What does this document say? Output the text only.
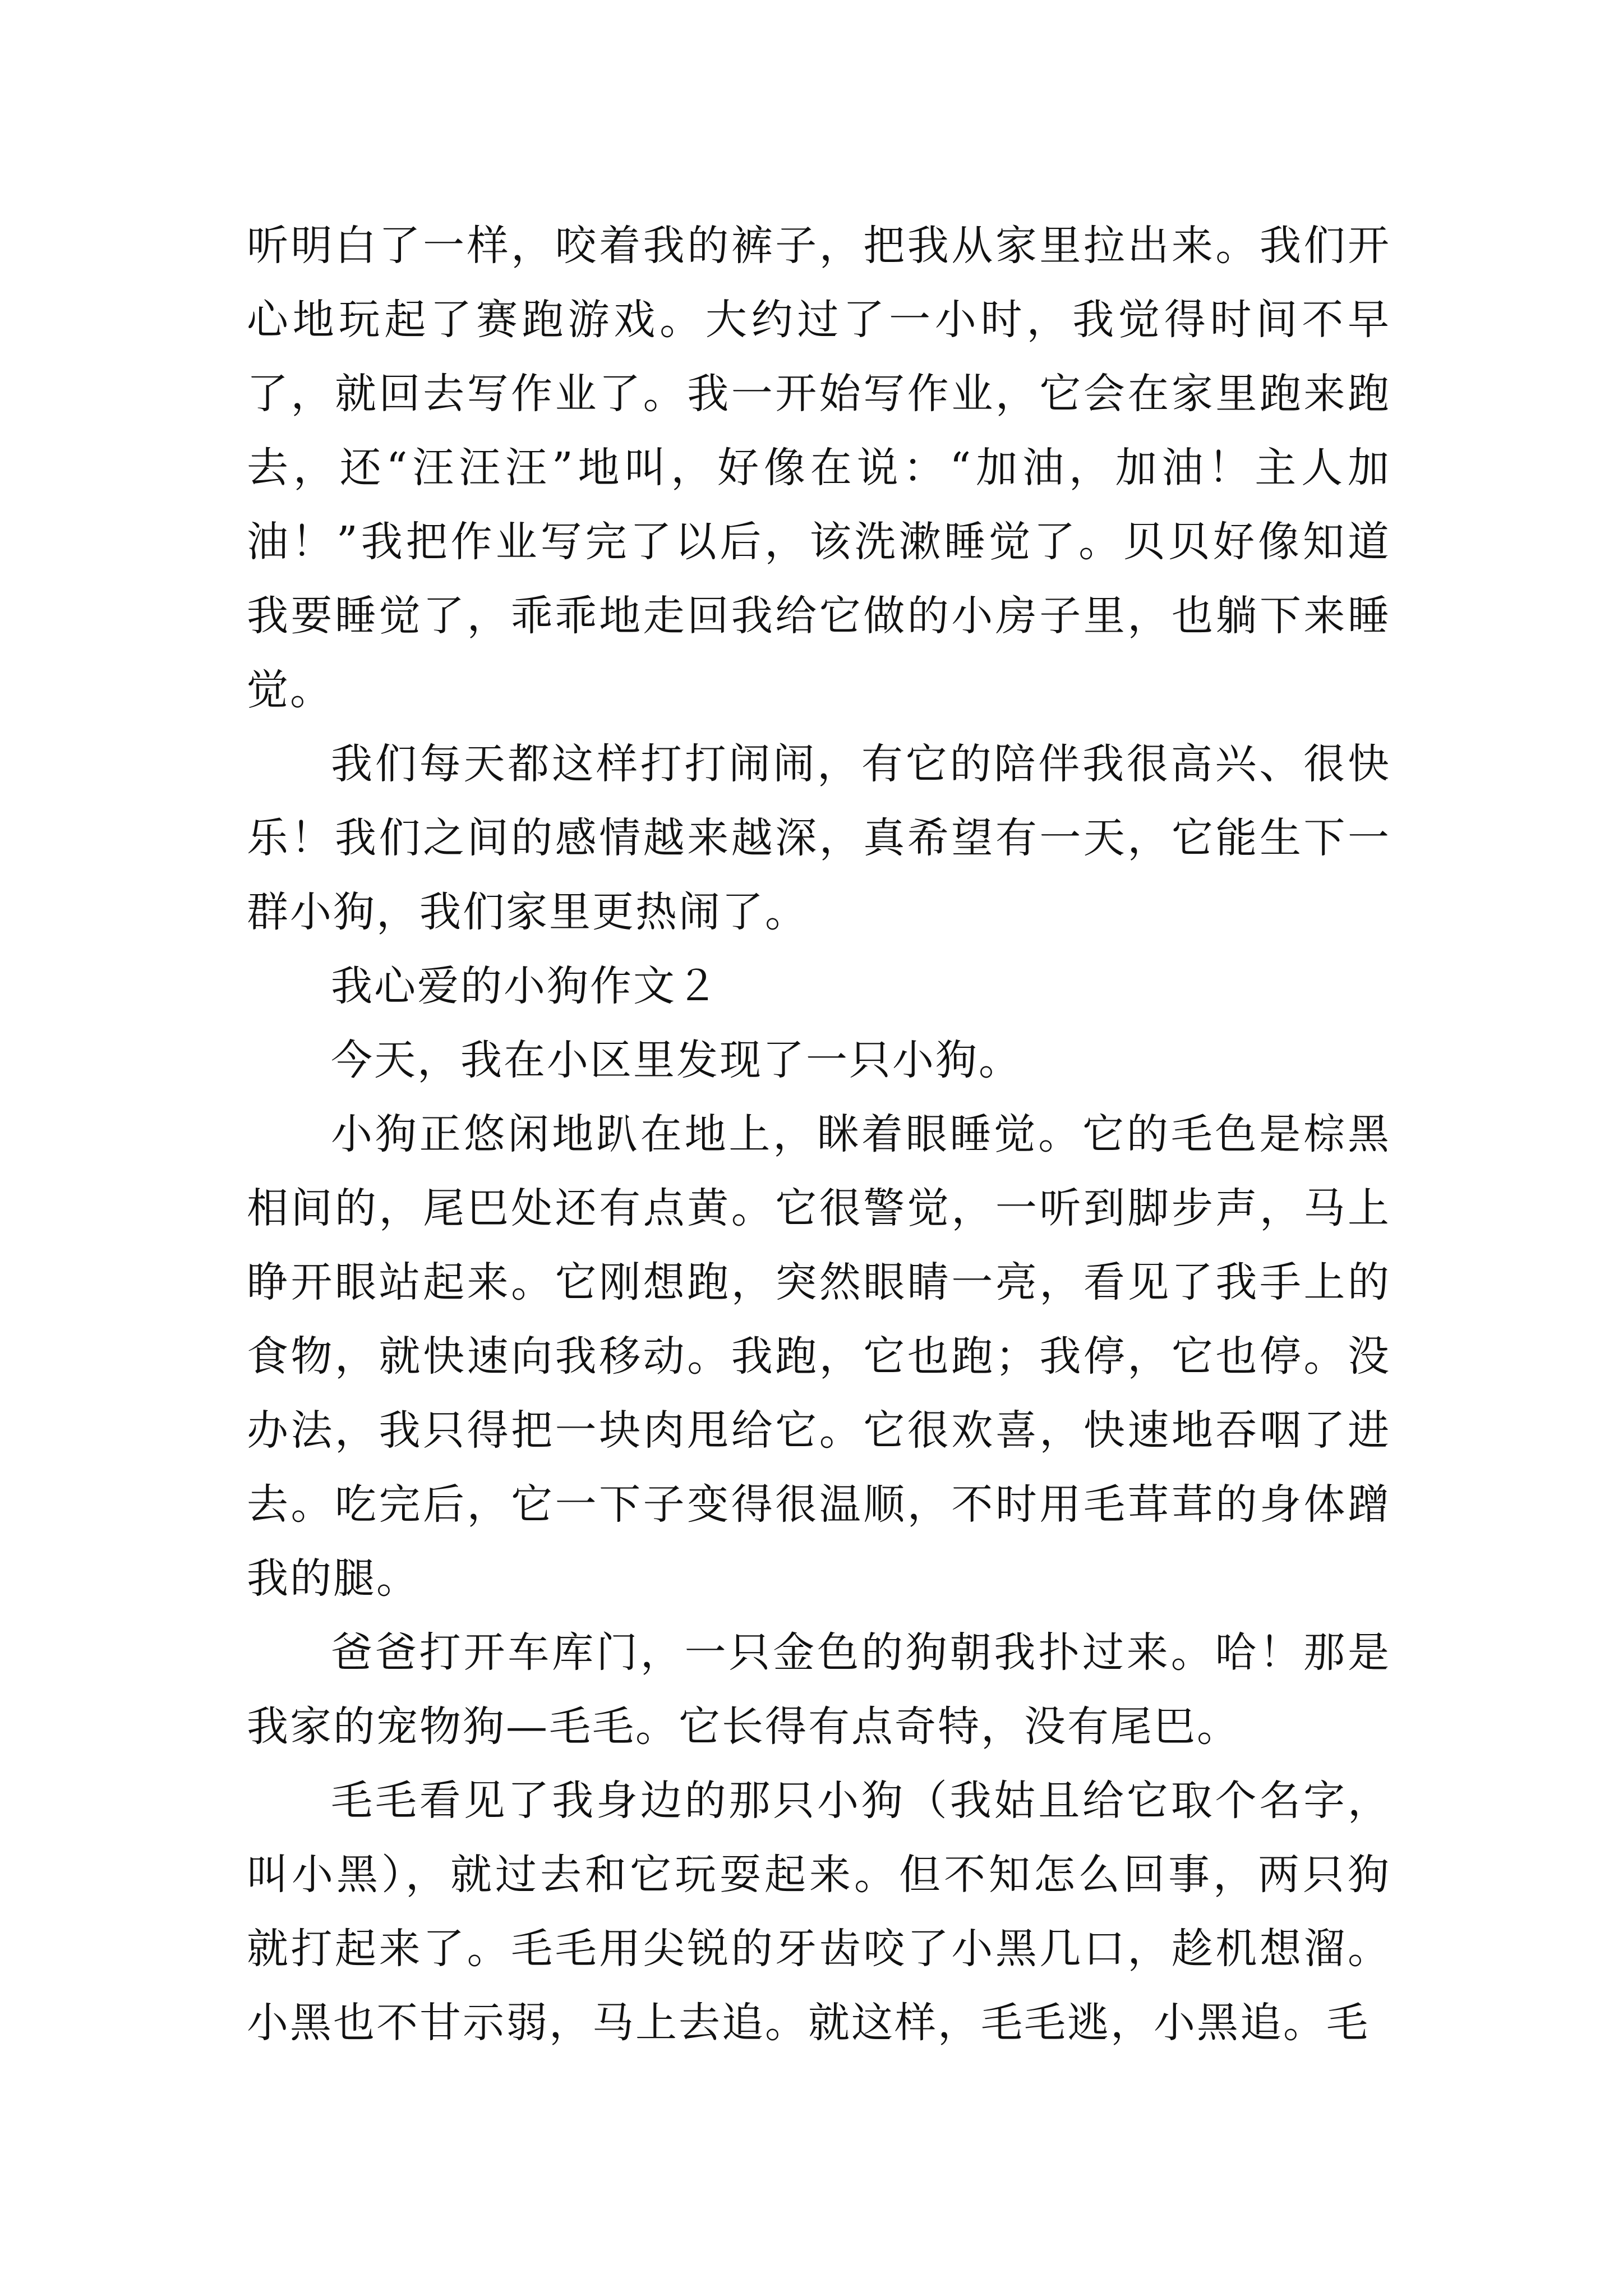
听明白了一样，咬着我的裤子，把我从家里拉出来。我们开心地玩起了赛跑游戏。大约过了一小时，我觉得时间不早了，就回去写作业了。我一开始写作业，它会在家里跑来跑去，还“汪汪汪”地叫，好像在说：“加油，加油！主人加油！”我把作业写完了以后，该洗漱睡觉了。贝贝好像知道我要睡觉了，乖乖地走回我给它做的小房子里，也躺下来睡觉。

我们每天都这样打打闹闹，有它的陪伴我很高兴、很快乐！我们之间的感情越来越深，真希望有一天，它能生下一群小狗，我们家里更热闹了。

我心爱的小狗作文２

今天，我在小区里发现了一只小狗。

小狗正悠闲地趴在地上，眯着眼睡觉。它的毛色是棕黑相间的，尾巴处还有点黄。它很警觉，一听到脚步声，马上睁开眼站起来。它刚想跑，突然眼睛一亮，看见了我手上的食物，就快速向我移动。我跑，它也跑；我停，它也停。没办法，我只得把一块肉甩给它。它很欢喜，快速地吞咽了进去。吃完后，它一下子变得很温顺，不时用毛茸茸的身体蹭我的腿。

爸爸打开车库门，一只金色的狗朝我扑过来。哈！那是我家的宠物狗—毛毛。它长得有点奇特，没有尾巴。

毛毛看见了我身边的那只小狗（我姑且给它取个名字，叫小黑），就过去和它玩耍起来。但不知怎么回事，两只狗就打起来了。毛毛用尖锐的牙齿咬了小黑几口，趁机想溜。小黑也不甘示弱，马上去追。就这样，毛毛逃，小黑追。毛
